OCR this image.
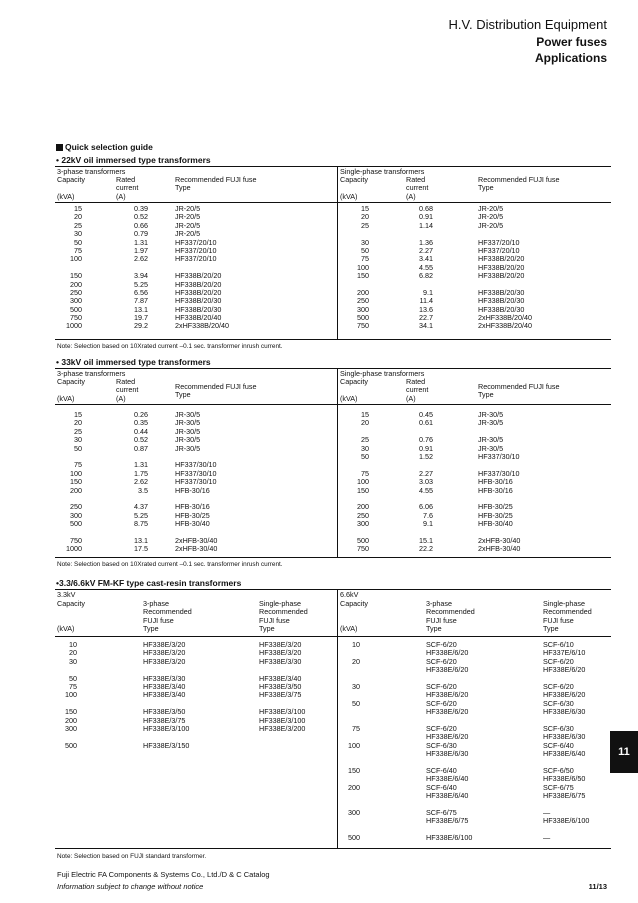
H.V. Distribution Equipment
Power fuses
Applications
Quick selection guide
• 22kV oil immersed type transformers
3-phase transformers
Capacity
(kVA)
Rated
current
(A)
Recommended FUJI fuse
Type
Single-phase transformers
Capacity
(kVA)
Rated
current
(A)
Recommended FUJI fuse
Type
15
20
25
30
50
75
100
150
200
250
300
500
750
1000
0.39
0.52
0.66
0.79
1.31
1.97
2.62
3.94
5.25
6.56
7.87
13.1
19.7
29.2
JR-20/5
JR-20/5
JR-20/5
JR-20/5
HF337/20/10
HF337/20/10
HF337/20/10
HF338B/20/20
HF338B/20/20
HF338B/20/20
HF338B/20/30
HF338B/20/30
HF338B/20/40
2xHF338B/20/40
15
20
25
30
50
75
100
150
200
250
300
500
750
0.68
0.91
1.14
1.36
2.27
3.41
4.55
6.82
9.1
11.4
13.6
22.7
34.1
JR-20/5
JR-20/5
JR-20/5
HF337/20/10
HF337/20/10
HF338B/20/20
HF338B/20/20
HF338B/20/20
HF338B/20/30
HF338B/20/30
HF338B/20/30
2xHF338B/20/40
2xHF338B/20/40
Note: Selection based on 10Xrated current –0.1 sec. transformer inrush current.
• 33kV oil immersed type transformers
3-phase transformers
Capacity
(kVA)
Rated
current
(A)
Recommended FUJI fuse
Type
Single-phase transformers
Capacity
(kVA)
Rated
current
(A)
Recommended FUJI fuse
Type
15
20
25
30
50
75
100
150
200
250
300
500
750
1000
0.26
0.35
0.44
0.52
0.87
1.31
1.75
2.62
3.5
4.37
5.25
8.75
13.1
17.5
JR-30/5
JR-30/5
JR-30/5
JR-30/5
JR-30/5
HF337/30/10
HF337/30/10
HF337/30/10
HFB-30/16
HFB-30/16
HFB-30/25
HFB-30/40
2xHFB-30/40
2xHFB-30/40
15
20
25
30
50
75
100
150
200
250
300
500
750
0.45
0.61
0.76
0.91
1.52
2.27
3.03
4.55
6.06
7.6
9.1
15.1
22.2
JR-30/5
JR-30/5
JR-30/5
JR-30/5
HF337/30/10
HF337/30/10
HFB-30/16
HFB-30/16
HFB-30/25
HFB-30/25
HFB-30/40
2xHFB-30/40
2xHFB-30/40
Note: Selection based on 10Xrated current –0.1 sec. transformer inrush current.
•3.3/6.6kV FM-KF type cast-resin transformers
3.3kV
Capacity
(kVA)
3-phase
Recommended
FUJI fuse
Type
Single-phase
Recommended
FUJI fuse
Type
6.6kV
Capacity
(kVA)
3-phase
Recommended
FUJI fuse
Type
Single-phase
Recommended
FUJI fuse
Type
10
20
30
50
75
100
150
200
300
500
HF338E/3/20
HF338E/3/20
HF338E/3/20
HF338E/3/30
HF338E/3/40
HF338E/3/40
HF338E/3/50
HF338E/3/75
HF338E/3/100
HF338E/3/150
HF338E/3/20
HF338E/3/20
HF338E/3/30
HF338E/3/40
HF338E/3/50
HF338E/3/75
HF338E/3/100
HF338E/3/100
HF338E/3/200
10
20
30
50
75
100
150
200
300
500
SCF-6/20
HF338E/6/20
SCF-6/20
HF338E/6/20
SCF-6/20
HF338E/6/20
SCF-6/20
HF338E/6/20
SCF-6/20
HF338E/6/20
SCF-6/30
HF338E/6/30
SCF-6/40
HF338E/6/40
SCF-6/40
HF338E/6/40
SCF-6/75
HF338E/6/75
HF338E/6/100
SCF-6/10
HF337E/6/10
SCF-6/20
HF338E/6/20
SCF-6/20
HF338E/6/20
SCF-6/30
HF338E/6/30
SCF-6/30
HF338E/6/30
SCF-6/40
HF338E/6/40
SCF-6/50
HF338E/6/50
SCF-6/75
HF338E/6/75
—
HF338E/6/100
—
Note: Selection based on FUJI standard transformer.
11
Fuji Electric FA Components & Systems Co., Ltd./D & C Catalog
Information subject to change without notice	11/13
